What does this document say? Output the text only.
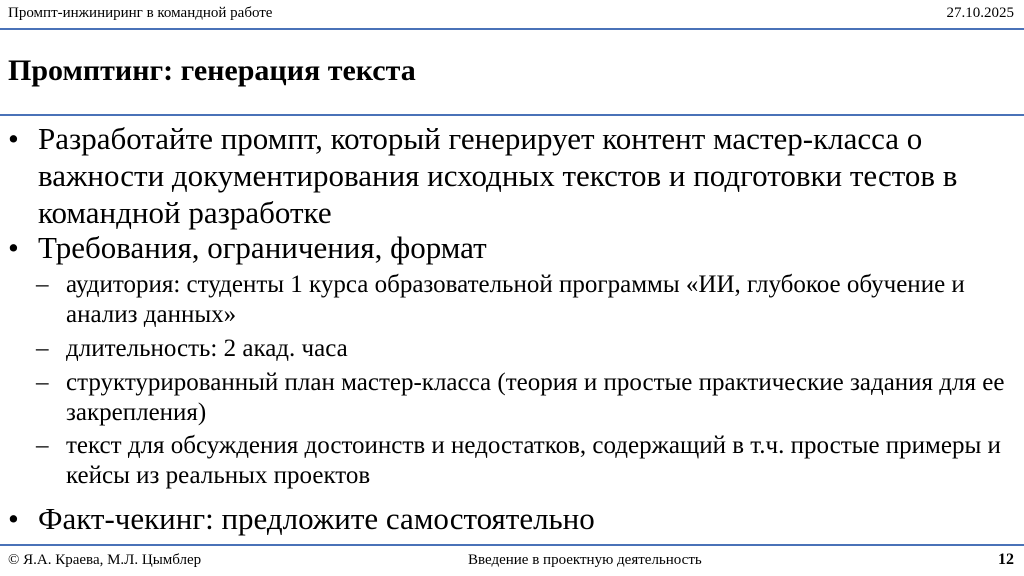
Промпт-инжиниринг в командной работе	27.10.2025
Промптинг: генерация текста
• Разработайте промпт, который генерирует контент мастер-класса о важности документирования исходных текстов и подготовки тестов в командной разработке
• Требования, ограничения, формат
– аудитория: студенты 1 курса образовательной программы «ИИ, глубокое обучение и анализ данных»
– длительность: 2 акад. часа
– структурированный план мастер-класса (теория и простые практические задания для ее закрепления)
– текст для обсуждения достоинств и недостатков, содержащий в т.ч. простые примеры и кейсы из реальных проектов
• Факт-чекинг: предложите самостоятельно
© Я.А. Краева, М.Л. Цымблер	Введение в проектную деятельность	12
